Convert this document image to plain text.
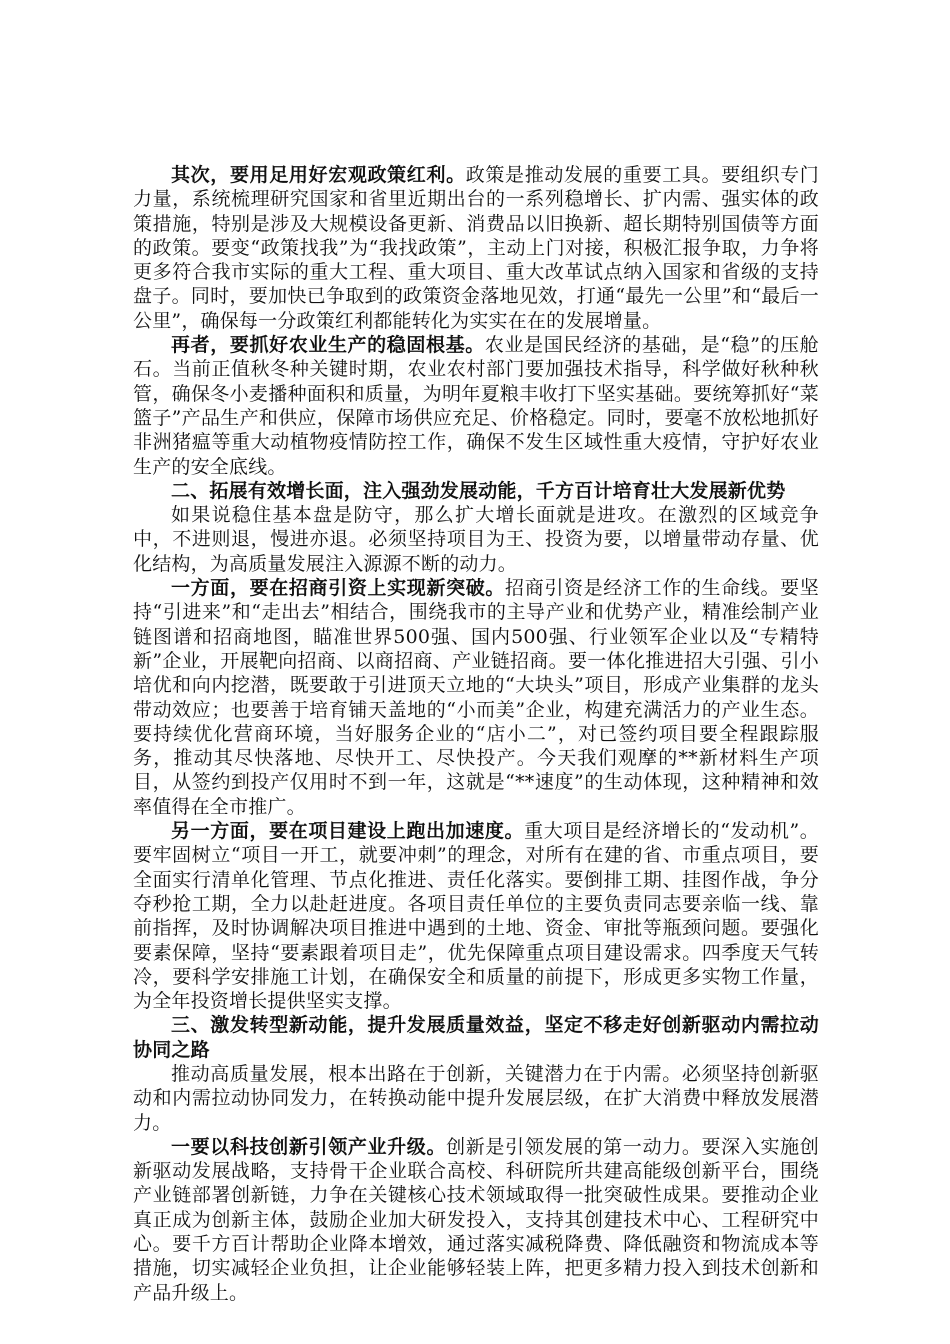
其次，要用足用好宏观政策红利。政策是推动发展的重要工具。要组织专门力量，系统梳理研究国家和省里近期出台的一系列稳增长、扩内需、强实体的政策措施，特别是涉及大规模设备更新、消费品以旧换新、超长期特别国债等方面的政策。要变“政策找我”为“我找政策”，主动上门对接，积极汇报争取，力争将更多符合我市实际的重大工程、重大项目、重大改革试点纳入国家和省级的支持盘子。同时，要加快已争取到的政策资金落地见效，打通“最先一公里”和“最后一公里”，确保每一分政策红利都能转化为实实在在的发展增量。

再者，要抓好农业生产的稳固根基。农业是国民经济的基础，是“稳”的压舱石。当前正值秋冬种关键时期，农业农村部门要加强技术指导，科学做好秋种秋管，确保冬小麦播种面积和质量，为明年夏粮丰收打下坚实基础。要统筹抓好“菜篮子”产品生产和供应，保障市场供应充足、价格稳定。同时，要毫不放松地抓好非洲猪瘟等重大动植物疫情防控工作，确保不发生区域性重大疫情，守护好农业生产的安全底线。

二、拓展有效增长面，注入强劲发展动能，千方百计培育壮大发展新优势

如果说稳住基本盘是防守，那么扩大增长面就是进攻。在激烈的区域竞争中，不进则退，慢进亦退。必须坚持项目为王、投资为要，以增量带动存量、优化结构，为高质量发展注入源源不断的动力。

一方面，要在招商引资上实现新突破。招商引资是经济工作的生命线。要坚持“引进来”和“走出去”相结合，围绕我市的主导产业和优势产业，精准绘制产业链图谱和招商地图，瞄准世界500强、国内500强、行业领军企业以及“专精特新”企业，开展靶向招商、以商招商、产业链招商。要一体化推进招大引强、引小培优和向内挖潜，既要敢于引进顶天立地的“大块头”项目，形成产业集群的龙头带动效应；也要善于培育铺天盖地的“小而美”企业，构建充满活力的产业生态。要持续优化营商环境，当好服务企业的“店小二”，对已签约项目要全程跟踪服务，推动其尽快落地、尽快开工、尽快投产。今天我们观摩的**新材料生产项目，从签约到投产仅用时不到一年，这就是“**速度”的生动体现，这种精神和效率值得在全市推广。

另一方面，要在项目建设上跑出加速度。重大项目是经济增长的“发动机”。要牢固树立“项目一开工，就要冲刺”的理念，对所有在建的省、市重点项目，要全面实行清单化管理、节点化推进、责任化落实。要倒排工期、挂图作战，争分夺秒抢工期，全力以赴赶进度。各项目责任单位的主要负责同志要亲临一线、靠前指挥，及时协调解决项目推进中遇到的土地、资金、审批等瓶颈问题。要强化要素保障，坚持“要素跟着项目走”，优先保障重点项目建设需求。四季度天气转冷，要科学安排施工计划，在确保安全和质量的前提下，形成更多实物工作量，为全年投资增长提供坚实支撑。

三、激发转型新动能，提升发展质量效益，坚定不移走好创新驱动内需拉动协同之路

推动高质量发展，根本出路在于创新，关键潜力在于内需。必须坚持创新驱动和内需拉动协同发力，在转换动能中提升发展层级，在扩大消费中释放发展潜力。

一要以科技创新引领产业升级。创新是引领发展的第一动力。要深入实施创新驱动发展战略，支持骨干企业联合高校、科研院所共建高能级创新平台，围绕产业链部署创新链，力争在关键核心技术领域取得一批突破性成果。要推动企业真正成为创新主体，鼓励企业加大研发投入，支持其创建技术中心、工程研究中心。要千方百计帮助企业降本增效，通过落实减税降费、降低融资和物流成本等措施，切实减轻企业负担，让企业能够轻装上阵，把更多精力投入到技术创新和产品升级上。
